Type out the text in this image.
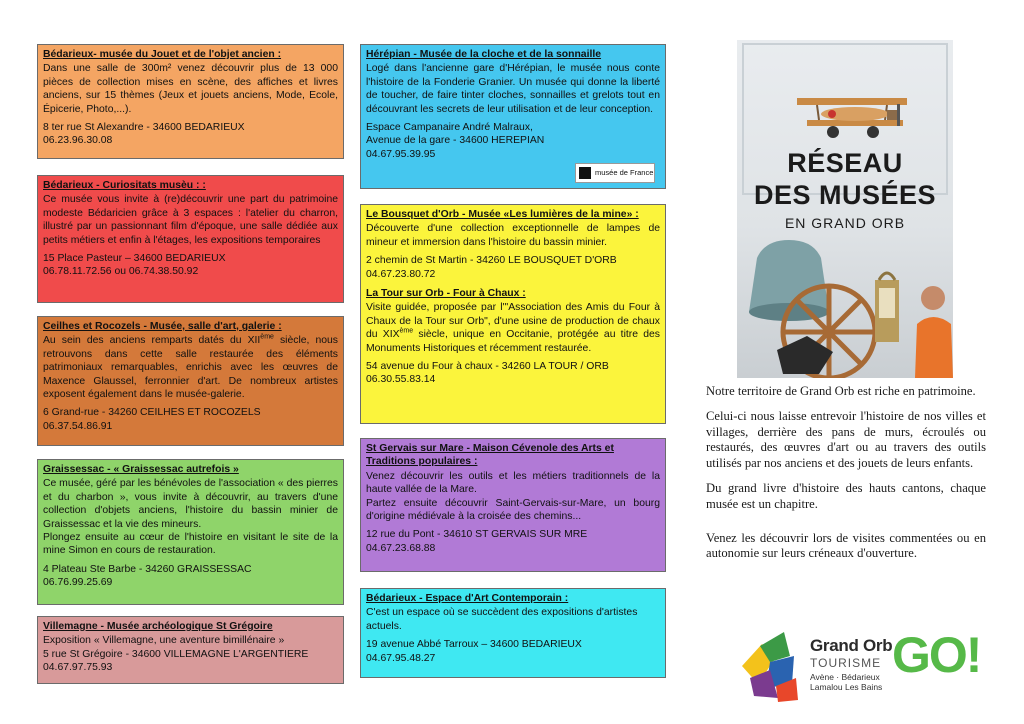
Bédarieux- musée du Jouet et de l'objet ancien :
Dans une salle de 300m² venez découvrir plus de 13 000 pièces de collection mises en scène, des affiches et livres anciens, sur 15 thèmes (Jeux et jouets anciens, Mode, Ecole, Épicerie, Photo,...).
8 ter rue St Alexandre - 34600 BEDARIEUX
06.23.96.30.08
Bédarieux - Curiositats musèu : :
Ce musée vous invite à (re)découvrir une part du patrimoine modeste Bédaricien grâce à 3 espaces : l'atelier du charron, illustré par un passionnant film d'époque, une salle dédiée aux petits métiers et enfin à l'étages, les expositions temporaires
15 Place Pasteur – 34600 BEDARIEUX
06.78.11.72.56 ou 06.74.38.50.92
Ceilhes et Rocozels - Musée, salle d'art, galerie :
Au sein des anciens remparts datés du XIIème siècle, nous retrouvons dans cette salle restaurée des éléments patrimoniaux remarquables, enrichis avec les œuvres de Maxence Glaussel, ferronnier d'art. De nombreux artistes exposent également dans le musée-galerie.
6 Grand-rue - 34260 CEILHES ET ROCOZELS
06.37.54.86.91
Graissessac - « Graissessac autrefois »
Ce musée, géré par les bénévoles de l'association « des pierres et du charbon », vous invite à découvrir, au travers d'une collection d'objets anciens, l'histoire du bassin minier de Graissessac et la vie des mineurs.
Plongez ensuite au cœur de l'histoire en visitant le site de la mine Simon en cours de restauration.
4 Plateau Ste Barbe - 34260 GRAISSESSAC
06.76.99.25.69
Villemagne - Musée archéologique St Grégoire
Exposition « Villemagne, une aventure bimillénaire »
5 rue St Grégoire - 34600 VILLEMAGNE L'ARGENTIERE
04.67.97.75.93
Hérépian - Musée de la cloche et de la sonnaille
Logé dans l'ancienne gare d'Hérépian, le musée nous conte l'histoire de la Fonderie Granier. Un musée qui donne la liberté de toucher, de faire tinter cloches, sonnailles et grelots tout en découvrant les secrets de leur utilisation et de leur conception.
Espace Campanaire André Malraux, Avenue de la gare - 34600 HEREPIAN
04.67.95.39.95
musée de France
Le Bousquet d'Orb - Musée «Les lumières de la mine» :
Découverte d'une collection exceptionnelle de lampes de mineur et immersion dans l'histoire du bassin minier.
2 chemin de St Martin - 34260 LE BOUSQUET D'ORB
04.67.23.80.72
La Tour sur Orb - Four à Chaux :
Visite guidée, proposée par l'"Association des Amis du Four à Chaux de la Tour sur Orb", d'une usine de production de chaux du XIXème siècle, unique en Occitanie, protégée au titre des Monuments Historiques et récemment restaurée.
54 avenue du Four à chaux - 34260 LA TOUR / ORB
06.30.55.83.14
St Gervais sur Mare - Maison Cévenole des Arts et Traditions populaires :
Venez découvrir les outils et les métiers traditionnels de la haute vallée de la Mare.
Partez ensuite découvrir Saint-Gervais-sur-Mare, un bourg d'origine médiévale à la croisée des chemins...
12 rue du Pont - 34610 ST GERVAIS SUR MRE
04.67.23.68.88
Bédarieux - Espace d'Art Contemporain :
C'est un espace où se succèdent des expositions d'artistes actuels.
19 avenue Abbé Tarroux – 34600 BEDARIEUX
04.67.95.48.27
RÉSEAU
DES MUSÉES
EN GRAND ORB

Notre territoire de Grand Orb est riche en patrimoine.

Celui-ci nous laisse entrevoir l'histoire de nos villes et villages, derrière des pans de murs, écroulés ou restaurés, des œuvres d'art ou au travers des outils utilisés par nos anciens et des jouets de leurs enfants.

Du grand livre d'histoire des hauts cantons, chaque musée est un chapitre.

Venez les découvrir lors de visites commentées ou en autonomie sur leurs créneaux d'ouverture.

Grand Orb
TOURISME
Avène · Bédarieux
Lamalou Les Bains
GO!
